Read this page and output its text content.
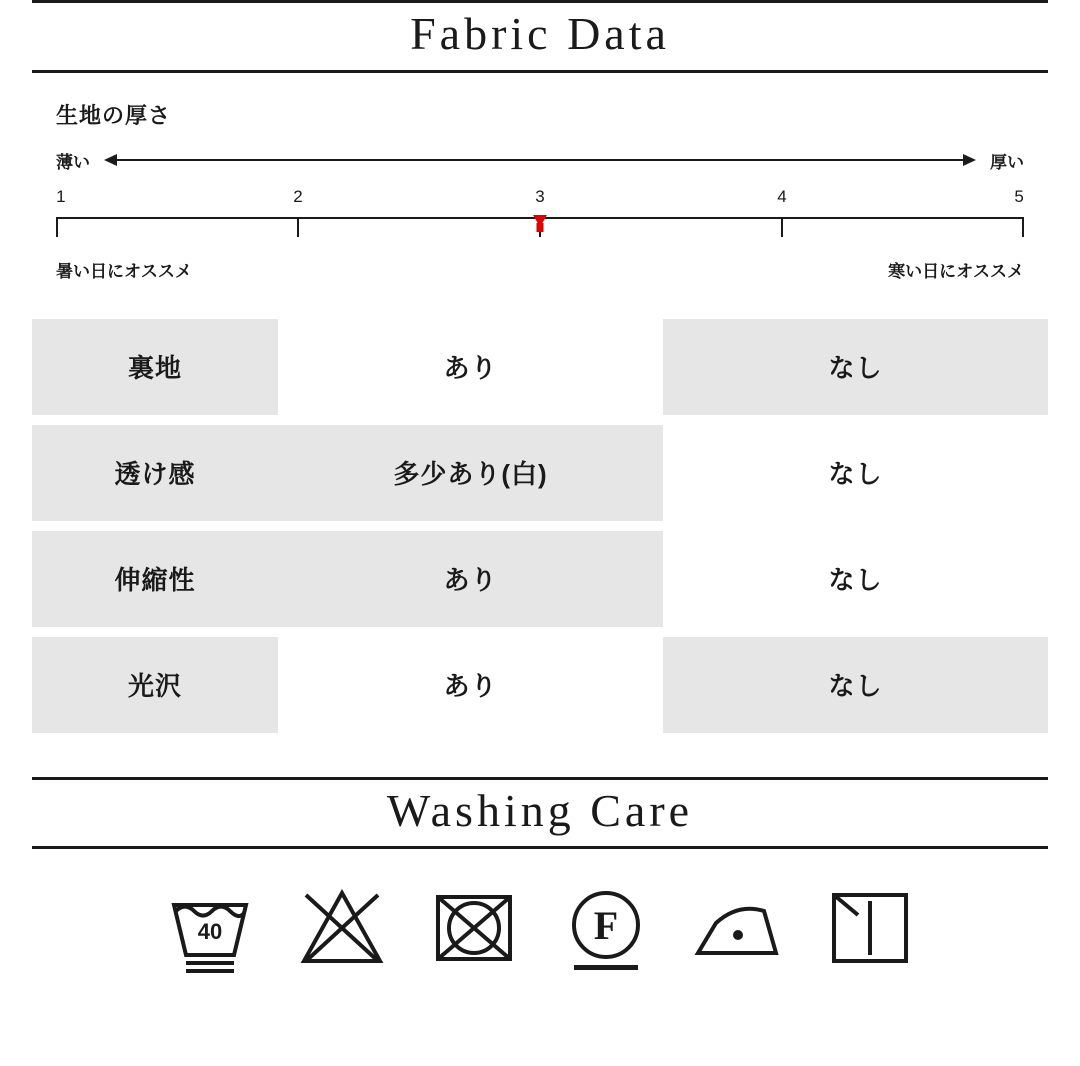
Fabric Data
生地の厚さ
薄い	厚い
1	2	3	4	5
暑い日にオススメ	寒い日にオススメ
裏地	あり	なし
透け感	多少あり(白)	なし
伸縮性	あり	なし
光沢	あり	なし
Washing Care
40	F
